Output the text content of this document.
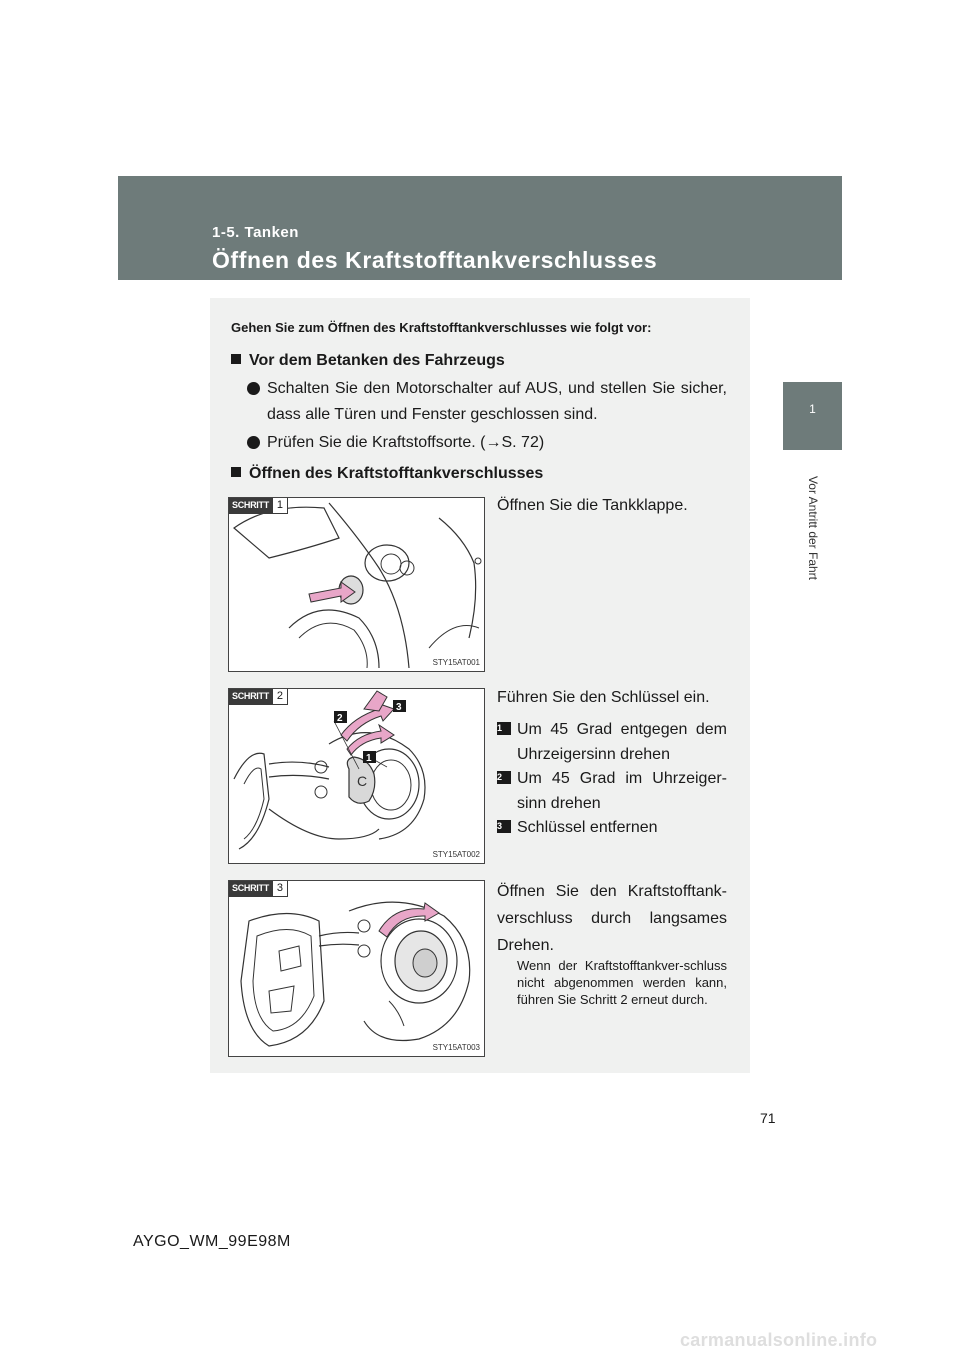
1-5. Tanken
Öffnen des Kraftstofftankverschlusses
1
Vor Antritt der Fahrt
Gehen Sie zum Öffnen des Kraftstofftankverschlusses wie folgt vor:
Vor dem Betanken des Fahrzeugs
Schalten Sie den Motorschalter auf AUS, und stellen Sie sicher, dass alle Türen und Fenster geschlossen sind.
Prüfen Sie die Kraftstoffsorte. (→S. 72)
Öffnen des Kraftstofftankverschlusses
SCHRITT 1
STY15AT001
Öffnen Sie die Tankklappe.
C
2
1
3
SCHRITT 2
STY15AT002
Führen Sie den Schlüssel ein.
1 Um 45 Grad entgegen dem Uhrzeigersinn drehen
2 Um 45 Grad im Uhrzeiger-sinn drehen
3 Schlüssel entfernen
SCHRITT 3
STY15AT003
Öffnen Sie den Kraftstofftank-verschluss durch langsames Drehen.
Wenn der Kraftstofftankver-schluss nicht abgenommen werden kann, führen Sie Schritt 2 erneut durch.
71
AYGO_WM_99E98M
carmanualsonline.info
